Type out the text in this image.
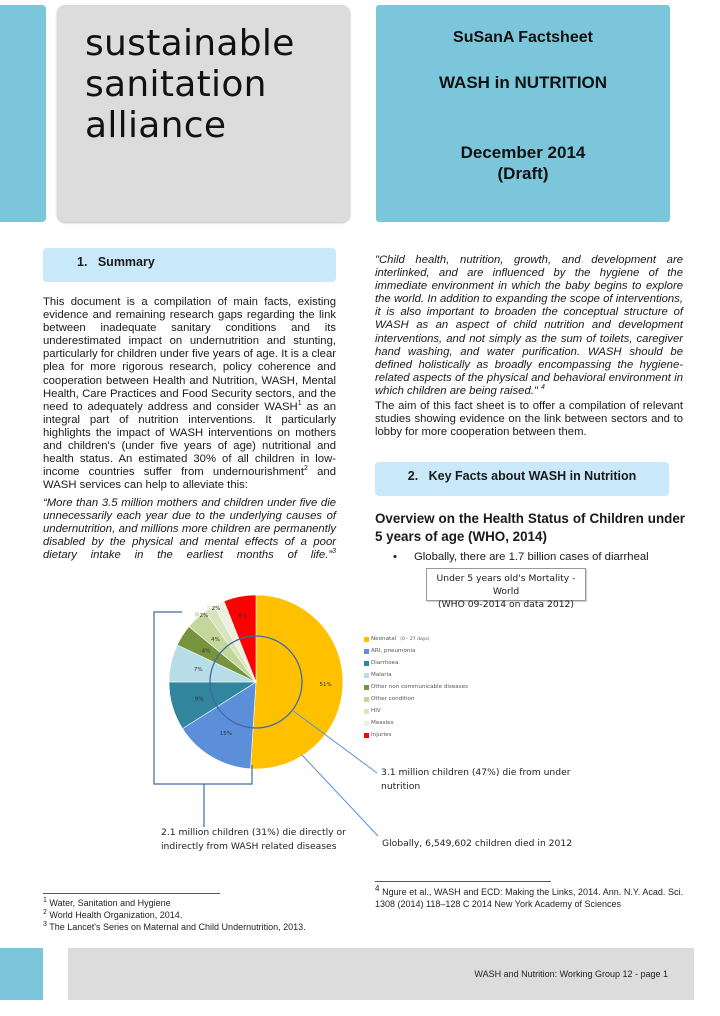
sustainable
sanitation
alliance
SuSanA Factsheet
WASH in NUTRITION
December 2014
(Draft)
1.   Summary
This document is a compilation of main facts, existing evidence and remaining research gaps regarding the link between inadequate sanitary conditions and its underestimated impact on undernutrition and stunting, particularly for children under five years of age. It is a clear plea for more rigorous research, policy coherence and cooperation between Health and Nutrition, WASH, Mental Health, Care Practices and Food Security sectors, and the need to adequately address and consider WASH$^1$ as an integral part of nutrition interventions. It particularly highlights the impact of WASH interventions on mothers and children's (under five years of age) nutritional and health status. An estimated 30% of all children in low-income countries suffer from undernourishment$^2$ and WASH services can help to alleviate this:
“More than 3.5 million mothers and children under five die unnecessarily each year due to the underlying causes of undernutrition, and millions more children are permanently disabled by the physical and mental effects of a poor dietary intake in the earliest months of life.”$^3$
"Child health, nutrition, growth, and development are interlinked, and are influenced by the hygiene of the immediate environment in which the baby begins to explore the world. In addition to expanding the scope of interventions, it is also important to broaden the conceptual structure of WASH as an aspect of child nutrition and development interventions, and not simply as the sum of toilets, caregiver hand washing, and water purification. WASH should be defined holistically as broadly encompassing the hygiene-related aspects of the physical and behavioral environment in which children are being raised." $^4$
The aim of this fact sheet is to offer a compilation of relevant studies showing evidence on the link between sectors and to lobby for more cooperation between them.
2.   Key Facts about WASH in Nutrition
Overview on the Health Status of Children under 5 years of age (WHO, 2014)
• Globally, there are 1.7 billion cases of diarrheal
Under 5 years old's Mortality - World
(WHO 09-2014 on data 2012)
51%
15%
9%
7%
4%
4%
2%
2%
6%
Neonatal (0 – 27 days)
ARI, pneumonia
Diarrhoea
Malaria
Other non communicable diseases
Other condition
HIV
Measles
Injuries
3.1 million children (47%) die from under nutrition
2.1 million children (31%) die directly or indirectly from WASH related diseases	Globally, 6,549,602 children died in 2012
$^1$ Water, Sanitation and Hygiene
$^2$ World Health Organization, 2014.
$^3$ The Lancet's Series on Maternal and Child Undernutrition, 2013.
$^4$ Ngure et al., WASH and ECD: Making the Links, 2014. Ann. N.Y. Acad. Sci. 1308 (2014) 118–128 C 2014 New York Academy of Sciences
WASH and Nutrition: Working Group 12 - page 1
